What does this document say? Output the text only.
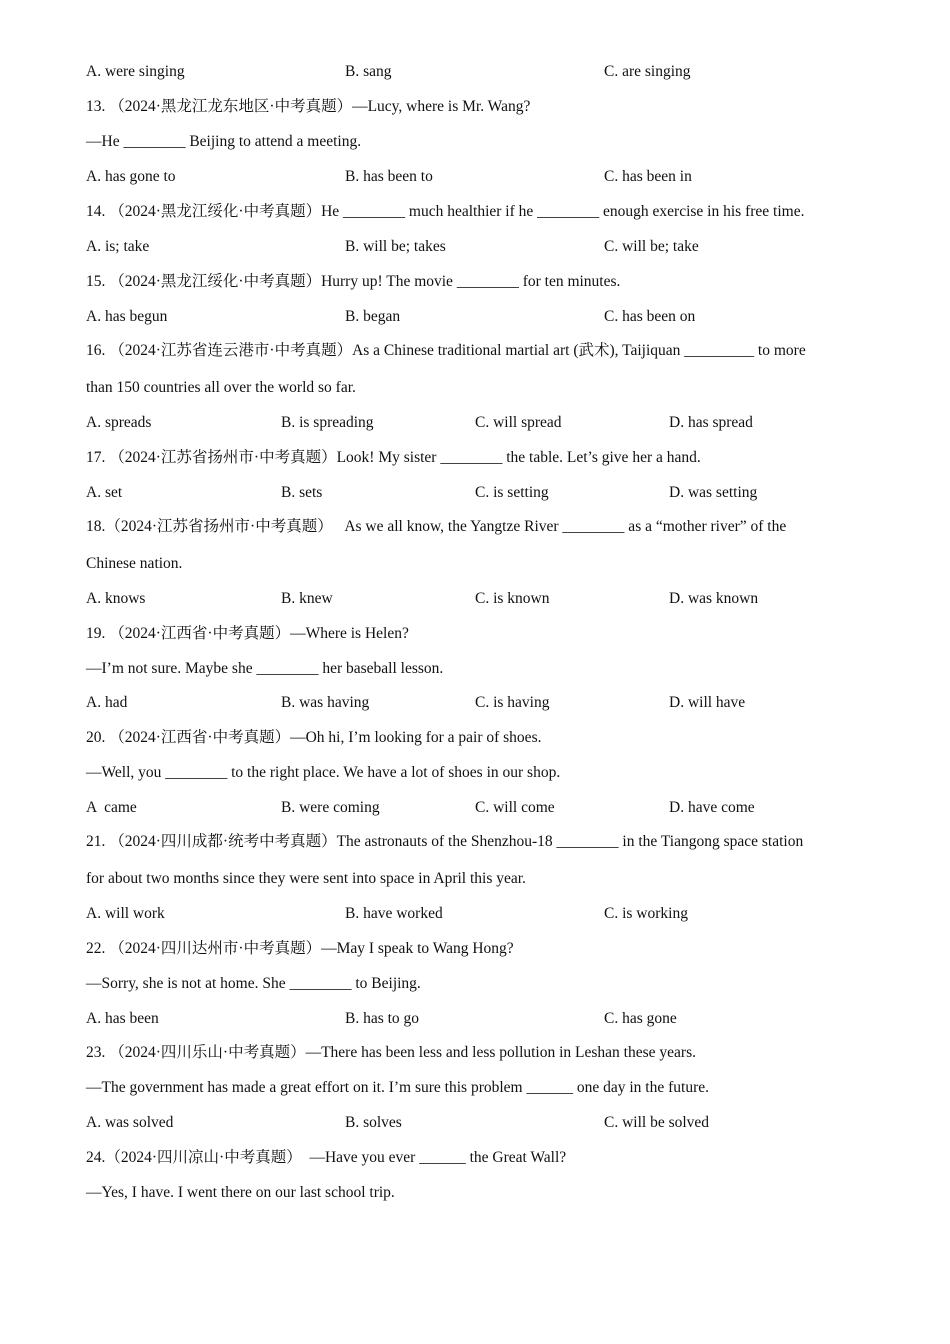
A. were singing	B. sang	C. are singing
13. （2024·黑龙江龙东地区·中考真题）—Lucy, where is Mr. Wang?
—He ________ Beijing to attend a meeting.
A. has gone to	B. has been to	C. has been in
14. （2024·黑龙江绥化·中考真题）He ________ much healthier if he ________ enough exercise in his free time.
A. is; take	B. will be; takes	C. will be; take
15. （2024·黑龙江绥化·中考真题）Hurry up! The movie ________ for ten minutes.
A. has begun	B. began	C. has been on
16. （2024·江苏省连云港市·中考真题）As a Chinese traditional martial art (武术), Taijiquan _________ to more
than 150 countries all over the world so far.
A. spreads	B. is spreading	C. will spread	D. has spread
17. （2024·江苏省扬州市·中考真题）Look! My sister ________ the table. Let’s give her a hand.
A. set	B. sets	C. is setting	D. was setting
18.（2024·江苏省扬州市·中考真题）   As we all know, the Yangtze River ________ as a “mother river” of the
Chinese nation.
A. knows	B. knew	C. is known	D. was known
19. （2024·江西省·中考真题）—Where is Helen?
—I’m not sure. Maybe she ________ her baseball lesson.
A. had	B. was having	C. is having	D. will have
20. （2024·江西省·中考真题）—Oh hi, I’m looking for a pair of shoes.
—Well, you ________ to the right place. We have a lot of shoes in our shop.
A  came	B. were coming	C. will come	D. have come
21. （2024·四川成都·统考中考真题）The astronauts of the Shenzhou-18 ________ in the Tiangong space station
for about two months since they were sent into space in April this year.
A. will work	B. have worked	C. is working
22. （2024·四川达州市·中考真题）—May I speak to Wang Hong?
—Sorry, she is not at home. She ________ to Beijing.
A. has been	B. has to go	C. has gone
23. （2024·四川乐山·中考真题）—There has been less and less pollution in Leshan these years.
—The government has made a great effort on it. I’m sure this problem ______ one day in the future.
A. was solved	B. solves	C. will be solved
24.（2024·四川凉山·中考真题）  —Have you ever ______ the Great Wall?
—Yes, I have. I went there on our last school trip.
